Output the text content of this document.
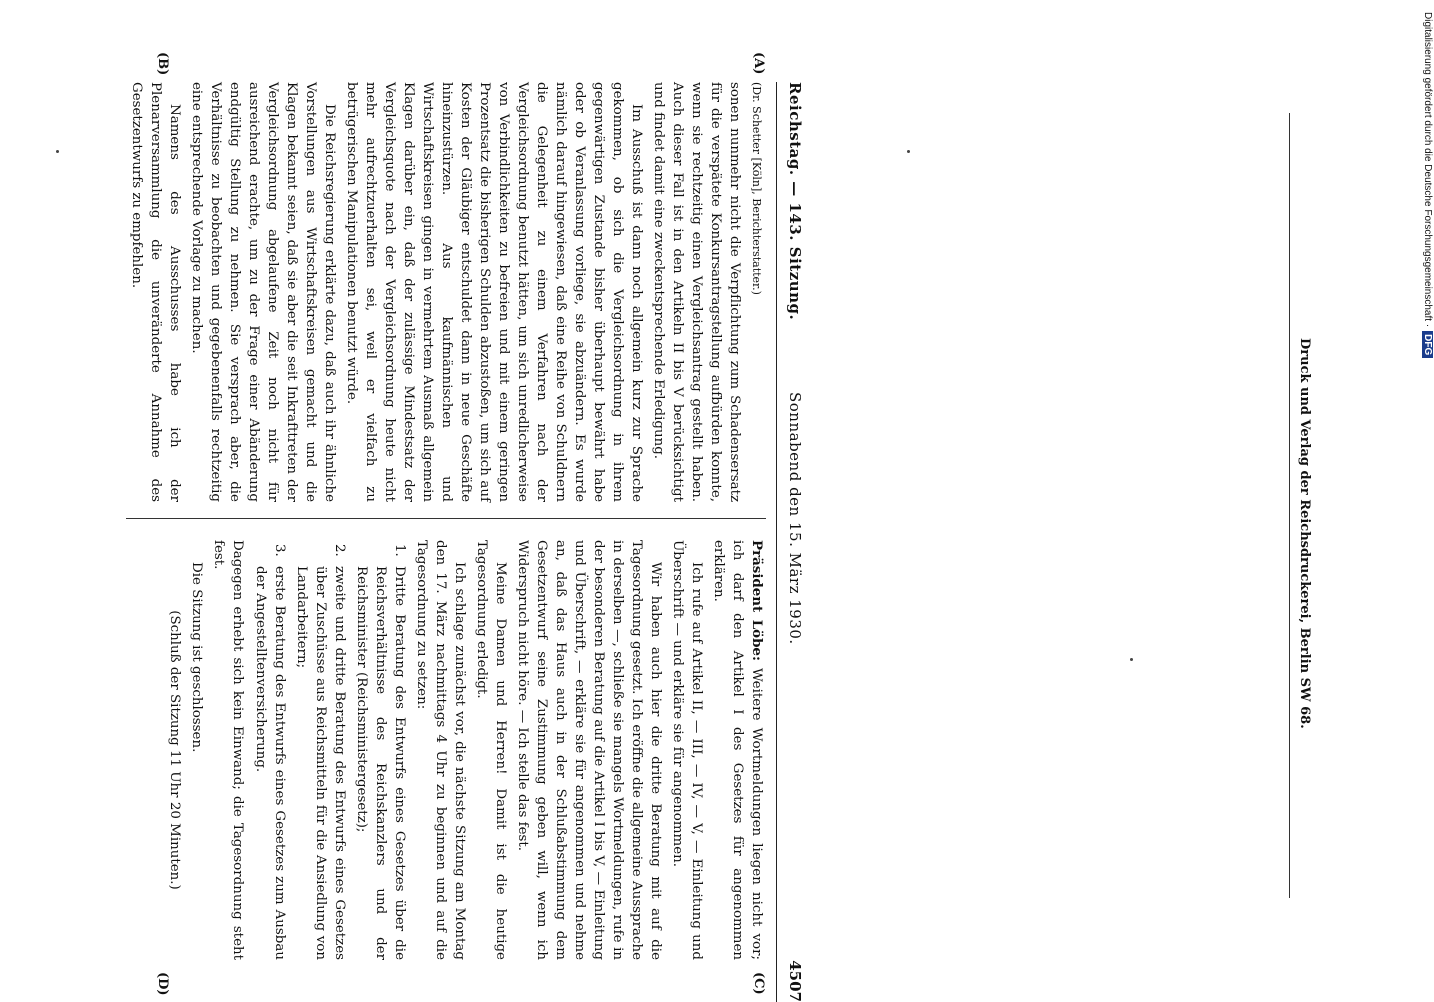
Reichstag. — 143. Sitzung.
Sonnabend den 15. März 1930.
4507
(A)
(B)
(C)
(D)

(Dr. Schetter [Köln], Berichterstatter.)

sonen nunmehr nicht die Verpflichtung zum Schadensersatz für die verspätete Konkursantragstellung aufbürden konnte, wenn sie rechtzeitig einen Vergleichsantrag gestellt haben. Auch dieser Fall ist in den Artikeln II bis V berücksichtigt und findet damit eine zweckentsprechende Erledigung.

Im Ausschuß ist dann noch allgemein kurz zur Sprache gekommen, ob sich die Vergleichsordnung in ihrem gegenwärtigen Zustande bisher überhaupt bewährt habe oder ob Veranlassung vorliege, sie abzuändern. Es wurde nämlich darauf hingewiesen, daß eine Reihe von Schuldnern die Gelegenheit zu einem Verfahren nach der Vergleichsordnung benutzt hätten, um sich unredlicherweise von Verbindlichkeiten zu befreien und mit einem geringen Prozentsatz die bisherigen Schulden abzustoßen, um sich auf Kosten der Gläubiger entschuldet dann in neue Geschäfte hineinzustürzen. Aus kaufmännischen und Wirtschaftskreisen gingen in vermehrtem Ausmaß allgemein Klagen darüber ein, daß der zulässige Mindestsatz der Vergleichsquote nach der Vergleichsordnung heute nicht mehr aufrechtzuerhalten sei, weil er vielfach zu betrügerischen Manipulationen benutzt würde.

Die Reichsregierung erklärte dazu, daß auch ihr ähnliche Vorstellungen aus Wirtschaftskreisen gemacht und die Klagen bekannt seien, daß sie aber die seit Inkrafttreten der Vergleichsordnung abgelaufene Zeit noch nicht für ausreichend erachte, um zu der Frage einer Abänderung endgültig Stellung zu nehmen. Sie versprach aber, die Verhältnisse zu beobachten und gegebenenfalls rechtzeitig eine entsprechende Vorlage zu machen.

Namens des Ausschusses habe ich der Plenarversammlung die unveränderte Annahme des Gesetzentwurfs zu empfehlen.

Präsident Löbe: Weitere Wortmeldungen liegen nicht vor; ich darf den Artikel I des Gesetzes für angenommen erklären.

Ich rufe auf Artikel II, — III, — IV, — V, — Einleitung und Überschrift — und erkläre sie für angenommen.

Wir haben auch hier die dritte Beratung mit auf die Tagesordnung gesetzt. Ich eröffne die allgemeine Aussprache in derselben —, schließe sie mangels Wortmeldungen, rufe in der besonderen Beratung auf die Artikel I bis V, — Einleitung und Überschrift, — erkläre sie für angenommen und nehme an, daß das Haus auch in der Schlußabstimmung dem Gesetzentwurf seine Zustimmung geben will, wenn ich Widerspruch nicht höre. — Ich stelle das fest.

Meine Damen und Herren! Damit ist die heutige Tagesordnung erledigt.

Ich schlage zunächst vor, die nächste Sitzung am Montag den 17. März nachmittags 4 Uhr zu beginnen und auf die Tagesordnung zu setzen:

1.
Dritte Beratung des Entwurfs eines Gesetzes über die Reichsverhältnisse des Reichskanzlers und der Reichsminister (Reichsministergesetz);
2.
zweite und dritte Beratung des Entwurfs eines Gesetzes über Zuschüsse aus Reichsmitteln für die Ansiedlung von Landarbeitern;
3.
erste Beratung des Entwurfs eines Gesetzes zum Ausbau der Angestelltenversicherung.

Dagegen erhebt sich kein Einwand; die Tagesordnung steht fest.

Die Sitzung ist geschlossen.

(Schluß der Sitzung 11 Uhr 20 Minuten.)

Druck und Verlag der Reichsdruckerei, Berlin SW 68.
Digitalisierung gefördert durch die Deutsche Forschungsgemeinschaft ·DFG
